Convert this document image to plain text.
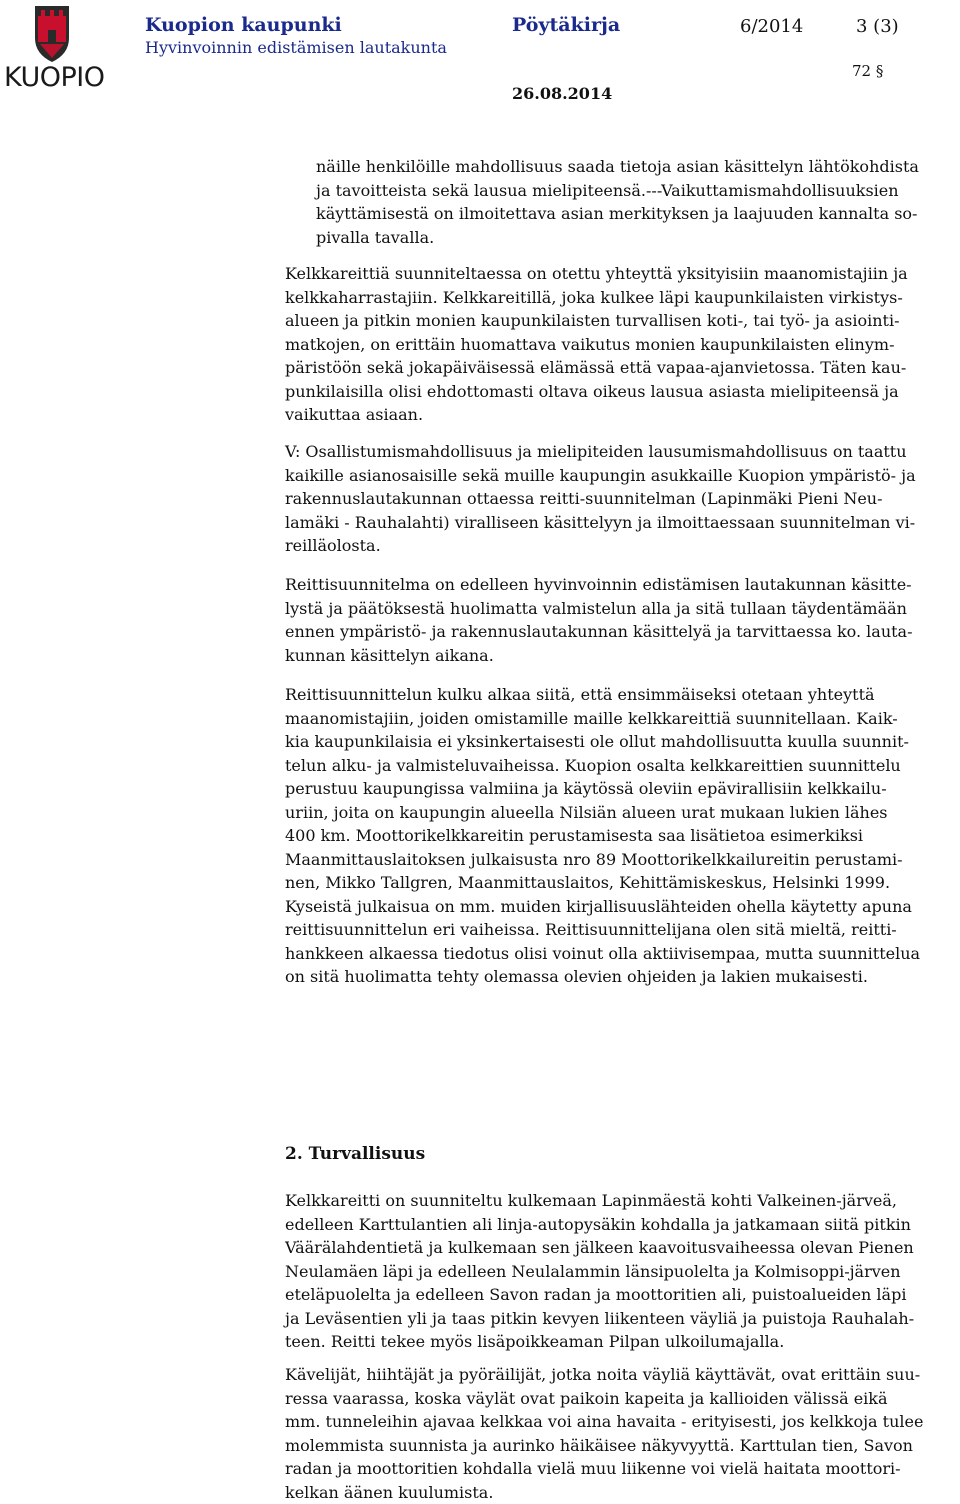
KUOPIO
Kuopion kaupunki
Hyvinvoinnin edistämisen lautakunta
Pöytäkirja	6/2014	3 (3)
72 §
26.08.2014
näille henkilöille mahdollisuus saada tietoja asian käsittelyn lähtökohdista
ja tavoitteista sekä lausua mielipiteensä.---Vaikuttamismahdollisuuksien
käyttämisestä on ilmoitettava asian merkityksen ja laajuuden kannalta so-
pivalla tavalla.
Kelkkareittiä suunniteltaessa on otettu yhteyttä yksityisiin maanomistajiin ja
kelkkaharrastajiin. Kelkkareitillä, joka kulkee läpi kaupunkilaisten virkistys-
alueen ja pitkin monien kaupunkilaisten turvallisen koti-, tai työ- ja asiointi-
matkojen, on erittäin huomattava vaikutus monien kaupunkilaisten elinym-
päristöön sekä jokapäiväisessä elämässä että vapaa-ajanvietossa. Täten kau-
punkilaisilla olisi ehdottomasti oltava oikeus lausua asiasta mielipiteensä ja
vaikuttaa asiaan.
V: Osallistumismahdollisuus ja mielipiteiden lausumismahdollisuus on taattu
kaikille asianosaisille sekä muille kaupungin asukkaille Kuopion ympäristö- ja
rakennuslautakunnan ottaessa reitti-suunnitelman (Lapinmäki Pieni Neu-
lamäki - Rauhalahti) viralliseen käsittelyyn ja ilmoittaessaan suunnitelman vi-
reilläolosta.
Reittisuunnitelma on edelleen hyvinvoinnin edistämisen lautakunnan käsitte-
lystä ja päätöksestä huolimatta valmistelun alla ja sitä tullaan täydentämään
ennen ympäristö- ja rakennuslautakunnan käsittelyä ja tarvittaessa ko. lauta-
kunnan käsittelyn aikana.
Reittisuunnittelun kulku alkaa siitä, että ensimmäiseksi otetaan yhteyttä
maanomistajiin, joiden omistamille maille kelkkareittiä suunnitellaan. Kaik-
kia kaupunkilaisia ei yksinkertaisesti ole ollut mahdollisuutta kuulla suunnit-
telun alku- ja valmisteluvaiheissa. Kuopion osalta kelkkareittien suunnittelu
perustuu kaupungissa valmiina ja käytössä oleviin epävirallisiin kelkkailu-
uriin, joita on kaupungin alueella Nilsiän alueen urat mukaan lukien lähes
400 km. Moottorikelkkareitin perustamisesta saa lisätietoa esimerkiksi
Maanmittauslaitoksen julkaisusta nro 89 Moottorikelkkailureitin perustami-
nen, Mikko Tallgren, Maanmittauslaitos, Kehittämiskeskus, Helsinki 1999.
Kyseistä julkaisua on mm. muiden kirjallisuuslähteiden ohella käytetty apuna
reittisuunnittelun eri vaiheissa. Reittisuunnittelijana olen sitä mieltä, reitti-
hankkeen alkaessa tiedotus olisi voinut olla aktiivisempaa, mutta suunnittelua
on sitä huolimatta tehty olemassa olevien ohjeiden ja lakien mukaisesti.
2. Turvallisuus
Kelkkareitti on suunniteltu kulkemaan Lapinmäestä kohti Valkeinen-järveä,
edelleen Karttulantien ali linja-autopysäkin kohdalla ja jatkamaan siitä pitkin
Väärälahdentietä ja kulkemaan sen jälkeen kaavoitusvaiheessa olevan Pienen
Neulamäen läpi ja edelleen Neulalammin länsipuolelta ja Kolmisoppi-järven
eteläpuolelta ja edelleen Savon radan ja moottoritien ali, puistoalueiden läpi
ja Leväsentien yli ja taas pitkin kevyen liikenteen väyliä ja puistoja Rauhalah-
teen. Reitti tekee myös lisäpoikkeaman Pilpan ulkoilumajalla.
Kävelijät, hiihtäjät ja pyöräilijät, jotka noita väyliä käyttävät, ovat erittäin suu-
ressa vaarassa, koska väylät ovat paikoin kapeita ja kallioiden välissä eikä
mm. tunneleihin ajavaa kelkkaa voi aina havaita - erityisesti, jos kelkkoja tulee
molemmista suunnista ja aurinko häikäisee näkyvyyttä. Karttulan tien, Savon
radan ja moottoritien kohdalla vielä muu liikenne voi vielä haitata moottori-
kelkan äänen kuulumista.
